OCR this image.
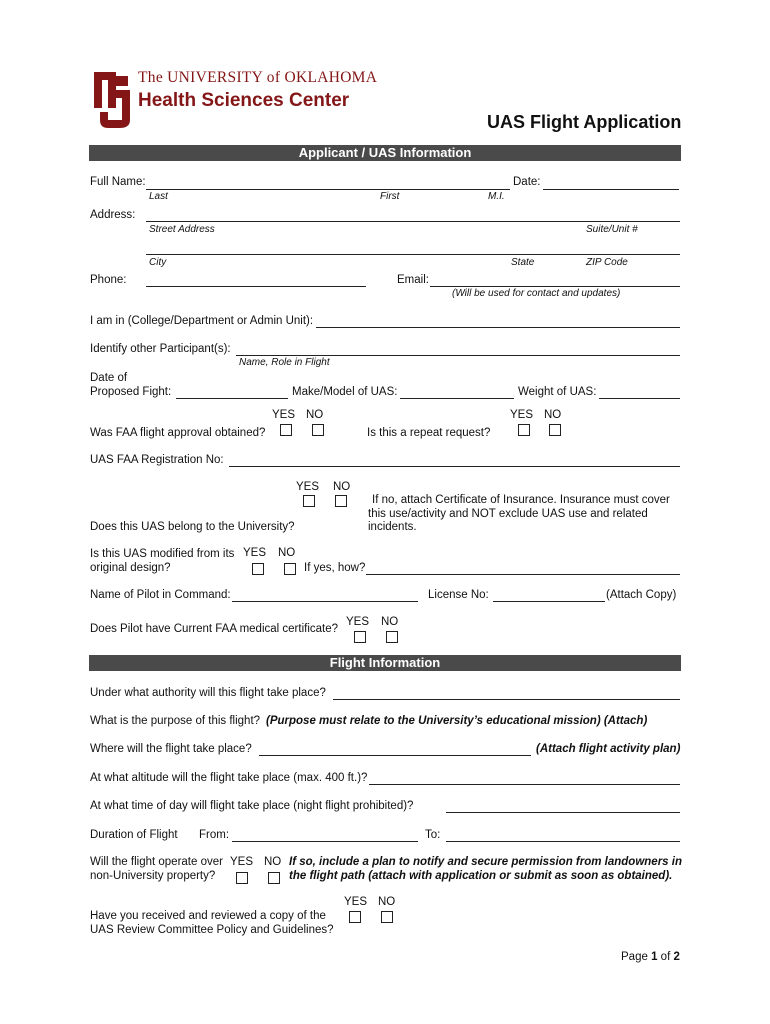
The UNIVERSITY of OKLAHOMA
Health Sciences Center
UAS Flight Application
Applicant / UAS Information
Full Name:	Date:
Last	First	M.I.
Address:
Street Address	Suite/Unit #
City	State	ZIP Code
Phone:	Email:
(Will be used for contact and updates)
I am in (College/Department or Admin Unit):
Identify other Participant(s):
Name, Role in Flight
Date of
Proposed Fight:	Make/Model of UAS:	Weight of UAS:
YES NO
Was FAA flight approval obtained?
YES NO
Is this a repeat request?
UAS FAA Registration No:
YES NO
If no, attach Certificate of Insurance. Insurance must cover
this use/activity and NOT exclude UAS use and related
incidents.
Does this UAS belong to the University?
Is this UAS modified from its
original design?
YES NO
If yes, how?
Name of Pilot in Command:	License No:	(Attach Copy)
YES NO
Does Pilot have Current FAA medical certificate?
Flight Information
Under what authority will this flight take place?
What is the purpose of this flight? (Purpose must relate to the University’s educational mission) (Attach)
Where will the flight take place?	(Attach flight activity plan)
At what altitude will the flight take place (max. 400 ft.)?
At what time of day will flight take place (night flight prohibited)?
Duration of Flight From:	To:
Will the flight operate over
non-University property?
YES NO If so, include a plan to notify and secure permission from landowners in
the flight path (attach with application or submit as soon as obtained).
YES NO
Have you received and reviewed a copy of the
UAS Review Committee Policy and Guidelines?
Page 1 of 2
